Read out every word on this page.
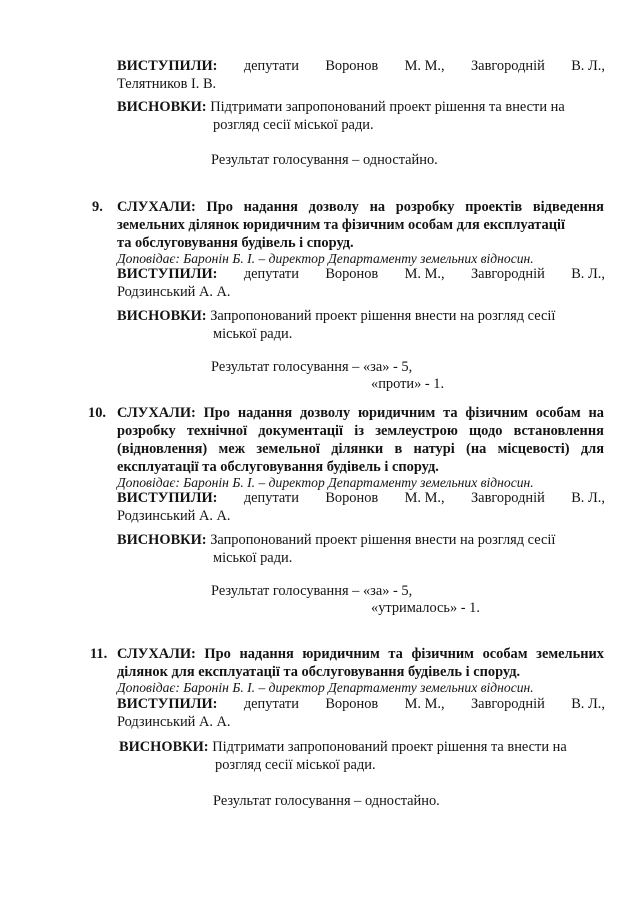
ВИСТУПИЛИ: депутати Воронов М. М., Завгородній В. Л.,
Телятников І. В.
ВИСНОВКИ: Підтримати запропонований проект рішення та внести на
розгляд сесії міської ради.
Результат голосування – одностайно.
9. СЛУХАЛИ: Про надання дозволу на розробку проектів відведення
земельних ділянок юридичним та фізичним особам для експлуатації
та обслуговування будівель і споруд.
Доповідає: Баронін Б. І. – директор Департаменту земельних відносин.
ВИСТУПИЛИ: депутати Воронов М. М., Завгородній В. Л.,
Родзинський А. А.
ВИСНОВКИ: Запропонований проект рішення внести на розгляд сесії
міської ради.
Результат голосування – «за» - 5,
«проти» - 1.
10. СЛУХАЛИ: Про надання дозволу юридичним та фізичним особам на
розробку технічної документації із землеустрою щодо встановлення
(відновлення) меж земельної ділянки в натурі (на місцевості) для
експлуатації та обслуговування будівель і споруд.
Доповідає: Баронін Б. І. – директор Департаменту земельних відносин.
ВИСТУПИЛИ: депутати Воронов М. М., Завгородній В. Л.,
Родзинський А. А.
ВИСНОВКИ: Запропонований проект рішення внести на розгляд сесії
міської ради.
Результат голосування – «за» - 5,
«утрималось» - 1.
11. СЛУХАЛИ: Про надання юридичним та фізичним особам земельних
ділянок для експлуатації та обслуговування будівель і споруд.
Доповідає: Баронін Б. І. – директор Департаменту земельних відносин.
ВИСТУПИЛИ: депутати Воронов М. М., Завгородній В. Л.,
Родзинський А. А.
ВИСНОВКИ: Підтримати запропонований проект рішення та внести на
розгляд сесії міської ради.
Результат голосування – одностайно.
